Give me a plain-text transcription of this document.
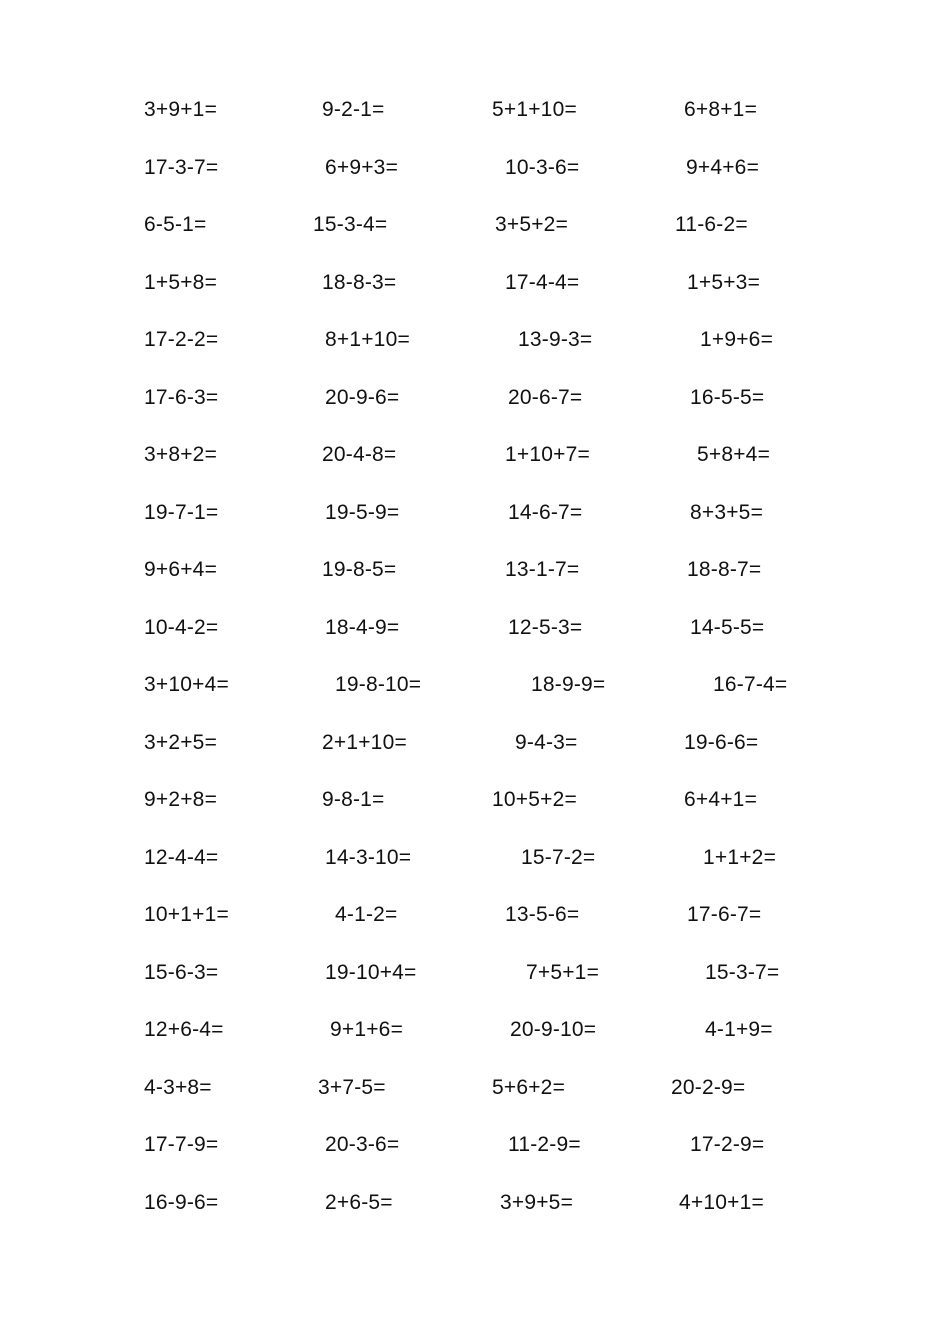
3+9+1=	9-2-1=	5+1+10=	6+8+1=
17-3-7=	6+9+3=	10-3-6=	9+4+6=
6-5-1=	15-3-4=	3+5+2=	11-6-2=
1+5+8=	18-8-3=	17-4-4=	1+5+3=
17-2-2=	8+1+10=	13-9-3=	1+9+6=
17-6-3=	20-9-6=	20-6-7=	16-5-5=
3+8+2=	20-4-8=	1+10+7=	5+8+4=
19-7-1=	19-5-9=	14-6-7=	8+3+5=
9+6+4=	19-8-5=	13-1-7=	18-8-7=
10-4-2=	18-4-9=	12-5-3=	14-5-5=
3+10+4=	19-8-10=	18-9-9=	16-7-4=
3+2+5=	2+1+10=	9-4-3=	19-6-6=
9+2+8=	9-8-1=	10+5+2=	6+4+1=
12-4-4=	14-3-10=	15-7-2=	1+1+2=
10+1+1=	4-1-2=	13-5-6=	17-6-7=
15-6-3=	19-10+4=	7+5+1=	15-3-7=
12+6-4=	9+1+6=	20-9-10=	4-1+9=
4-3+8=	3+7-5=	5+6+2=	20-2-9=
17-7-9=	20-3-6=	11-2-9=	17-2-9=
16-9-6=	2+6-5=	3+9+5=	4+10+1=
